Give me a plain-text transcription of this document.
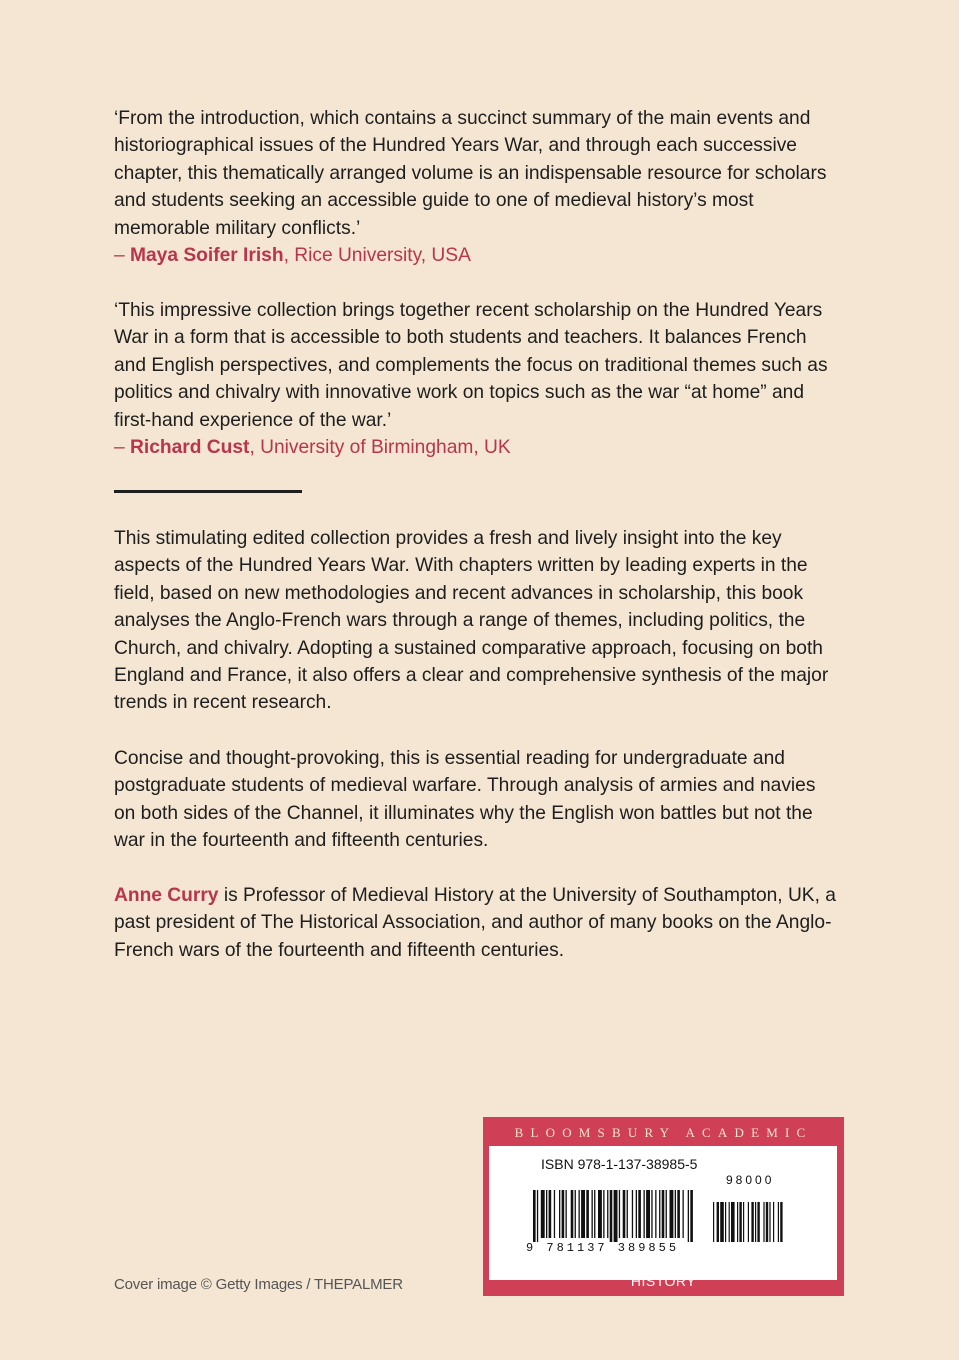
‘From the introduction, which contains a succinct summary of the main events and historiographical issues of the Hundred Years War, and through each successive chapter, this thematically arranged volume is an indispensable resource for scholars and students seeking an accessible guide to one of medieval history’s most memorable military conflicts.’

– Maya Soifer Irish, Rice University, USA

‘This impressive collection brings together recent scholarship on the Hundred Years War in a form that is accessible to both students and teachers. It balances French and English perspectives, and complements the focus on traditional themes such as politics and chivalry with innovative work on topics such as the war “at home” and first-hand experience of the war.’

– Richard Cust, University of Birmingham, UK

This stimulating edited collection provides a fresh and lively insight into the key aspects of the Hundred Years War. With chapters written by leading experts in the field, based on new methodologies and recent advances in scholarship, this book analyses the Anglo-French wars through a range of themes, including politics, the Church, and chivalry. Adopting a sustained comparative approach, focusing on both England and France, it also offers a clear and comprehensive synthesis of the major trends in recent research.

Concise and thought-provoking, this is essential reading for undergraduate and postgraduate students of medieval warfare. Through analysis of armies and navies on both sides of the Channel, it illuminates why the English won battles but not the war in the fourteenth and fifteenth centuries.

Anne Curry is Professor of Medieval History at the University of Southampton, UK, a past president of The Historical Association, and author of many books on the Anglo-French wars of the fourteenth and fifteenth centuries.

Cover image © Getty Images / THEPALMER
BLOOMSBURY ACADEMIC
ISBN 978-1-137-38985-5
98000
9 781137 389855
HISTORY
